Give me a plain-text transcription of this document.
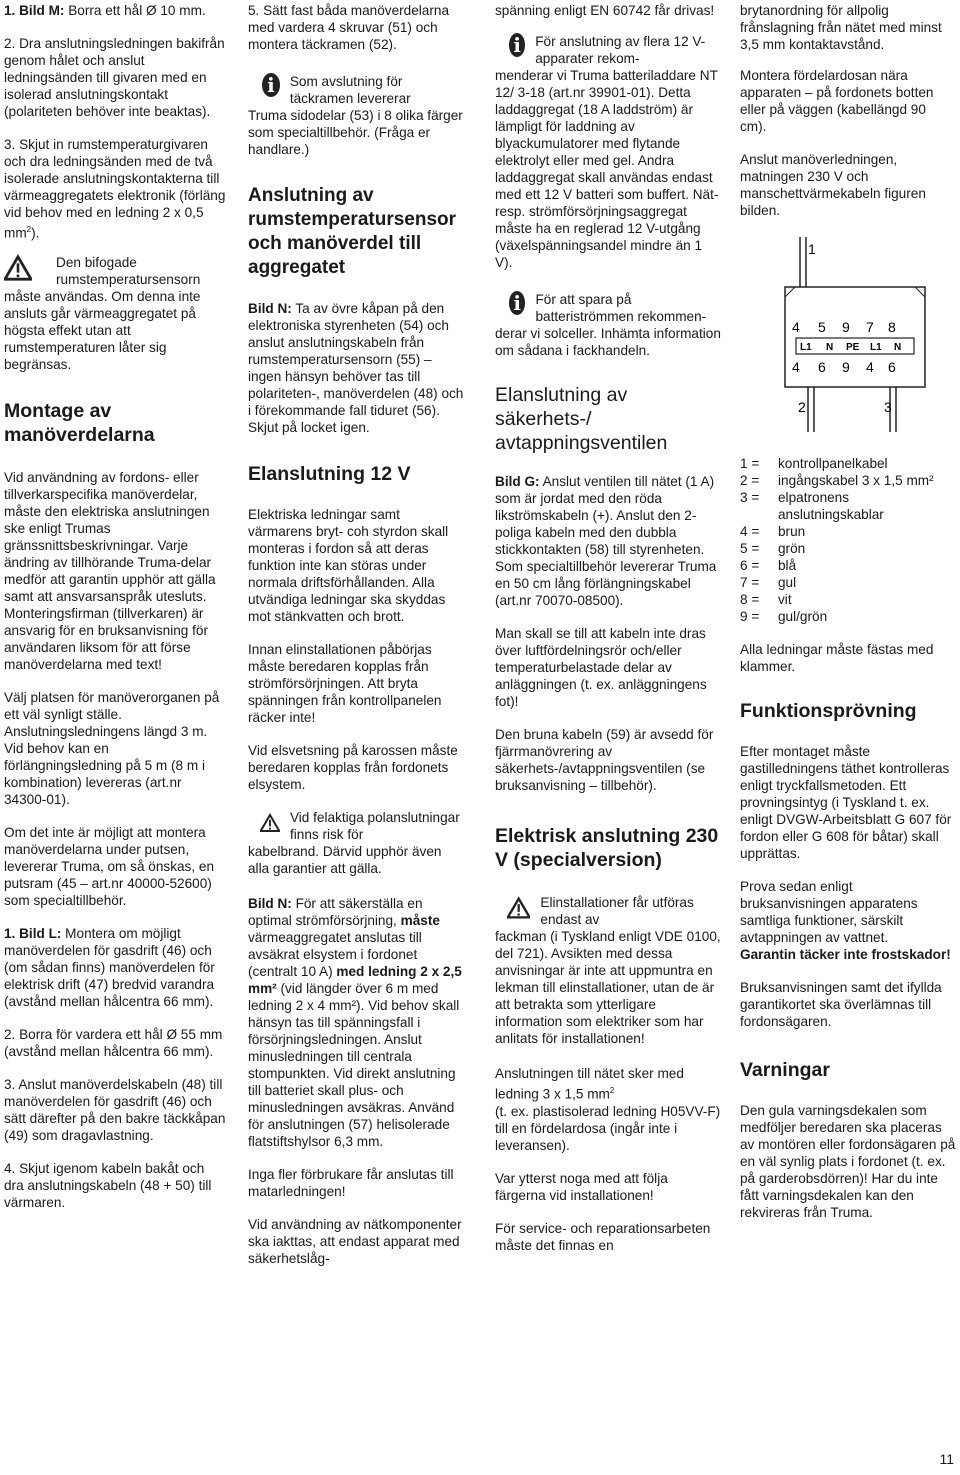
1. Bild M: Borra ett hål Ø 10 mm.

2. Dra anslutningsledningen bakifrån genom hålet och anslut ledningsänden till givaren med en isolerad anslutningskontakt (polariteten behöver inte beaktas).

3. Skjut in rumstemperaturgivaren och dra ledningsänden med de två isolerade anslutningskontakterna till värmeaggregatets elektronik (förläng vid behov med en ledning 2 x 0,5 $mm^2$).

Den bifogade rumstemperatursensorn
måste användas. Om denna inte ansluts går värmeaggregatet på högsta effekt utan att rumstemperaturen låter sig begränsas.
Montage av manöverdelarna

Vid användning av fordons- eller tillverkarspecifika manöverdelar, måste den elektriska anslutningen ske enligt Trumas gränssnittsbeskrivningar. Varje ändring av tillhörande Truma-delar medför att garantin upphör att gälla samt att ansvarsanspråk utesluts. Monteringsfirman (tillverkaren) är ansvarig för en bruksanvisning för användaren liksom för att förse manöverdelarna med text!

Välj platsen för manöverorganen på ett väl synligt ställe. Anslutningsledningens längd 3 m. Vid behov kan en förlängningsledning på 5 m (8 m i kombination) levereras (art.nr 34300-01).

Om det inte är möjligt att montera manöverdelarna under putsen, levererar Truma, om så önskas, en putsram (45 – art.nr 40000-52600) som specialtillbehör.

1. Bild L: Montera om möjligt manöverdelen för gasdrift (46) och (om sådan finns) manöverdelen för elektrisk drift (47) bredvid varandra (avstånd mellan hålcentra 66 mm).

2. Borra för vardera ett hål Ø 55 mm (avstånd mellan hålcentra 66 mm).

3. Anslut manöverdelskabeln (48) till manöverdelen för gasdrift (46) och sätt därefter på den bakre täckkåpan (49) som dragavlastning.

4. Skjut igenom kabeln bakåt och dra anslutningskabeln (48 + 50) till värmaren.

5. Sätt fast båda manöverdelarna med vardera 4 skruvar (51) och montera täckramen (52).

i	Som avslutning för täckramen levererar
Truma sidodelar (53) i 8 olika färger som specialtillbehör. (Fråga er handlare.)
Anslutning av rumstemperatursensor och manöverdel till aggregatet

Bild N: Ta av övre kåpan på den elektroniska styrenheten (54) och anslut anslutningskabeln från rumstemperatursensorn (55) – ingen hänsyn behöver tas till polariteten-, manöverdelen (48) och i förekommande fall tiduret (56). Skjut på locket igen.

Elanslutning 12 V

Elektriska ledningar samt värmarens bryt- coh styrdon skall monteras i fordon så att deras funktion inte kan störas under normala driftsförhållanden. Alla utvändiga ledningar ska skyddas mot stänkvatten och brott.

Innan elinstallationen påbörjas måste beredaren kopplas från strömförsörjningen. Att bryta spänningen från kontrollpanelen räcker inte!

Vid elsvetsning på karossen måste beredaren kopplas från fordonets elsystem.

Vid felaktiga polanslutningar finns risk för
kabelbrand. Därvid upphör även alla garantier att gälla.

Bild N: För att säkerställa en optimal strömförsörjning, måste värmeaggregatet anslutas till avsäkrat elsystem i fordonet (centralt 10 A) med ledning 2 x 2,5 mm² (vid längder över 6 m med ledning 2 x 4 mm²). Vid behov skall hänsyn tas till spänningsfall i försörjningsledningen. Anslut minusledningen till centrala stompunkten. Vid direkt anslutning till batteriet skall plus- och minusledningen avsäkras. Använd för anslutningen (57) helisolerade flatstiftshylsor 6,3 mm.

Inga fler förbrukare får anslutas till matarledningen!

Vid användning av nätkomponenter ska iakttas, att endast apparat med säkerhetslåg-

spänning enligt EN 60742 får drivas!

i	För anslutning av flera 12 V-apparater rekom-
menderar vi Truma batteriladdare NT 12/ 3-18 (art.nr 39901-01). Detta laddaggregat (18 A laddström) är lämpligt för laddning av blyackumulatorer med flytande elektrolyt eller med gel. Andra laddaggregat skall användas endast med ett 12 V batteri som buffert. Nät- resp. strömförsörjningsaggregat måste ha en reglerad 12 V-utgång (växelspänningsandel mindre än 1 V).
i	För att spara på batteriströmmen rekommen-
derar vi solceller. Inhämta information om sådana i fackhandeln.
Elanslutning av säkerhets-/ avtappningsventilen

Bild G: Anslut ventilen till nätet (1 A) som är jordat med den röda likströmskabeln (+). Anslut den 2-poliga kabeln med den dubbla stickkontakten (58) till styrenheten. Som specialtillbehör levererar Truma en 50 cm lång förlängningskabel (art.nr 70070-08500).

Man skall se till att kabeln inte dras över luftfördelningsrör och/eller temperaturbelastade delar av anläggningen (t. ex. anläggningens fot)!

Den bruna kabeln (59) är avsedd för fjärrmanövrering av säkerhets-/avtappningsventilen (se bruksanvisning – tillbehör).

Elektrisk anslutning 230 V (specialversion)
Elinstallationer får utföras endast av
fackman (i Tyskland enligt VDE 0100, del 721). Avsikten med dessa anvisningar är inte att uppmuntra en lekman till elinstallationer, utan de är att betrakta som ytterligare information som elektriker som har anlitats för installationen!

Anslutningen till nätet sker med ledning 3 x 1,5 $mm^2$
(t. ex. plastisolerad ledning H05VV-F) till en fördelardosa (ingår inte i leveransen).

Var ytterst noga med att följa färgerna vid installationen!

För service- och reparationsarbeten måste det finnas en

brytanordning för allpolig frånslagning från nätet med minst 3,5 mm kontaktavstånd.

Montera fördelardosan nära apparaten – på fordonets botten eller på väggen (kabellängd 90 cm).

Anslut manöverledningen, matningen 230 V och manschettvärmekabeln figuren bilden.

1
4 5 9 7 8
L1 N PE L1 N
4 6 9 4 6
2	3
1 =	kontrollpanelkabel
2 =	ingångskabel 3 x 1,5 mm²
3 =	elpatronens anslutningskablar
4 =	brun
5 =	grön
6 =	blå
7 =	gul
8 =	vit
9 =	gul/grön

Alla ledningar måste fästas med klammer.

Funktionsprövning

Efter montaget måste gastilledningens täthet kontrolleras enligt tryckfallsmetoden. Ett provningsintyg (i Tyskland t. ex. enligt DVGW-Arbeitsblatt G 607 för fordon eller G 608 för båtar) skall upprättas.

Prova sedan enligt bruksanvisningen apparatens samtliga funktioner, särskilt avtappningen av vattnet.
Garantin täcker inte frostskador!

Bruksanvisningen samt det ifyllda garantikortet ska överlämnas till fordonsägaren.

Varningar

Den gula varningsdekalen som medföljer beredaren ska placeras av montören eller fordonsägaren på en väl synlig plats i fordonet (t. ex. på garderobsdörren)! Har du inte fått varningsdekalen kan den rekvireras från Truma.

11
